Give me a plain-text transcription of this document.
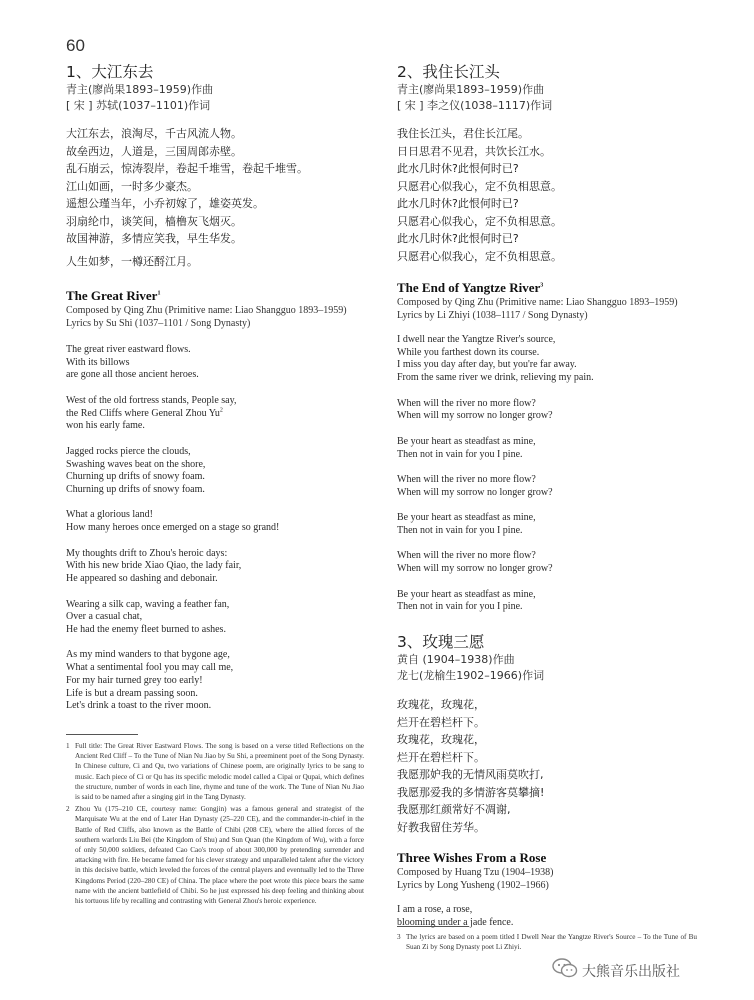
60

1、大江东去

青主(廖尚果1893–1959)作曲

[ 宋 ] 苏轼(1037–1101)作词

大江东去，浪淘尽，千古风流人物。
故垒西边，人道是，三国周郎赤壁。
乱石崩云，惊涛裂岸，卷起千堆雪，卷起千堆雪。
江山如画，一时多少豪杰。
遥想公瑾当年，小乔初嫁了，雄姿英发。
羽扇纶巾，谈笑间，樯橹灰飞烟灭。
故国神游，多情应笑我，早生华发。
人生如梦，一樽还酹江月。

The Great River$^1$

Composed by Qing Zhu (Primitive name: Liao Shangguo 1893–1959)

Lyrics by Su Shi (1037–1101 / Song Dynasty)

The great river eastward flows.
With its billows
are gone all those ancient heroes.
West of the old fortress stands, People say,
the Red Cliffs where General Zhou Yu$^2$
won his early fame.
Jagged rocks pierce the clouds,
Swashing waves beat on the shore,
Churning up drifts of snowy foam.
Churning up drifts of snowy foam.
What a glorious land!
How many heroes once emerged on a stage so grand!
My thoughts drift to Zhou's heroic days:
With his new bride Xiao Qiao, the lady fair,
He appeared so dashing and debonair.
Wearing a silk cap, waving a feather fan,
Over a casual chat,
He had the enemy fleet burned to ashes.
As my mind wanders to that bygone age,
What a sentimental fool you may call me,
For my hair turned grey too early!
Life is but a dream passing soon.
Let's drink a toast to the river moon.
1 Full title: The Great River Eastward Flows. The song is based on a verse titled Reflections on the Ancient Red Cliff – To the Tune of Nian Nu Jiao by Su Shi, a preeminent poet of the Song Dynasty. In Chinese culture, Ci and Qu, two variations of Chinese poem, are originally lyrics to be sang to music. Each piece of Ci or Qu has its specific melodic model called a Cipai or Qupai, which defines the structure, number of words in each line, rhyme and tune of the work. The Tune of Nian Nu Jiao is said to be named after a singing girl in the Tang Dynasty.
2 Zhou Yu (175–210 CE, courtesy name: Gongjin) was a famous general and strategist of the Marquisate Wu at the end of Later Han Dynasty (25–220 CE), and the commander-in-chief in the Battle of Red Cliffs, also known as the Battle of Chibi (208 CE), where the allied forces of the southern warlords Liu Bei (the Kingdom of Shu) and Sun Quan (the Kingdom of Wu), with a force of only 50,000 soldiers, defeated Cao Cao's troop of about 300,000 by pretending surrender and attacking with fire. He became famed for his clever strategy and unparalleled talent after the victory in this decisive battle, which leveled the forces of the central players and eventually led to the Three Kingdoms Period (220–280 CE) of China. The place where the poet wrote this piece bears the same name with the ancient battlefield of Chibi. So he just expressed his deep feeling and thinking about his tortuous life by recalling and contrasting with General Zhou's heroic experience.

2、我住长江头

青主(廖尚果1893–1959)作曲

[ 宋 ] 李之仪(1038–1117)作词

我住长江头，君住长江尾。
日日思君不见君，共饮长江水。
此水几时休?此恨何时已?
只愿君心似我心，定不负相思意。
此水几时休?此恨何时已?
只愿君心似我心，定不负相思意。
此水几时休?此恨何时已?
只愿君心似我心，定不负相思意。

The End of Yangtze River$^3$

Composed by Qing Zhu (Primitive name: Liao Shangguo 1893–1959)

Lyrics by Li Zhiyi (1038–1117 / Song Dynasty)

I dwell near the Yangtze River's source,
While you farthest down its course.
I miss you day after day, but you're far away.
From the same river we drink, relieving my pain.
When will the river no more flow?
When will my sorrow no longer grow?
Be your heart as steadfast as mine,
Then not in vain for you I pine.
When will the river no more flow?
When will my sorrow no longer grow?
Be your heart as steadfast as mine,
Then not in vain for you I pine.
When will the river no more flow?
When will my sorrow no longer grow?
Be your heart as steadfast as mine,
Then not in vain for you I pine.

3、玫瑰三愿

黄自 (1904–1938)作曲

龙七(龙榆生1902–1966)作词

玫瑰花，玫瑰花，
烂开在碧栏杆下。
玫瑰花，玫瑰花，
烂开在碧栏杆下。
我愿那妒我的无情风雨莫吹打,
我愿那爱我的多情游客莫攀摘!
我愿那红颜常好不凋谢,
好教我留住芳华。

Three Wishes From a Rose

Composed by Huang Tzu (1904–1938)

Lyrics by Long Yusheng (1902–1966)

I am a rose, a rose,
blooming under a jade fence.
3 The lyrics are based on a poem titled I Dwell Near the Yangtze River's Source – To the Tune of Bu Suan Zi by Song Dynasty poet Li Zhiyi.
大熊音乐出版社
